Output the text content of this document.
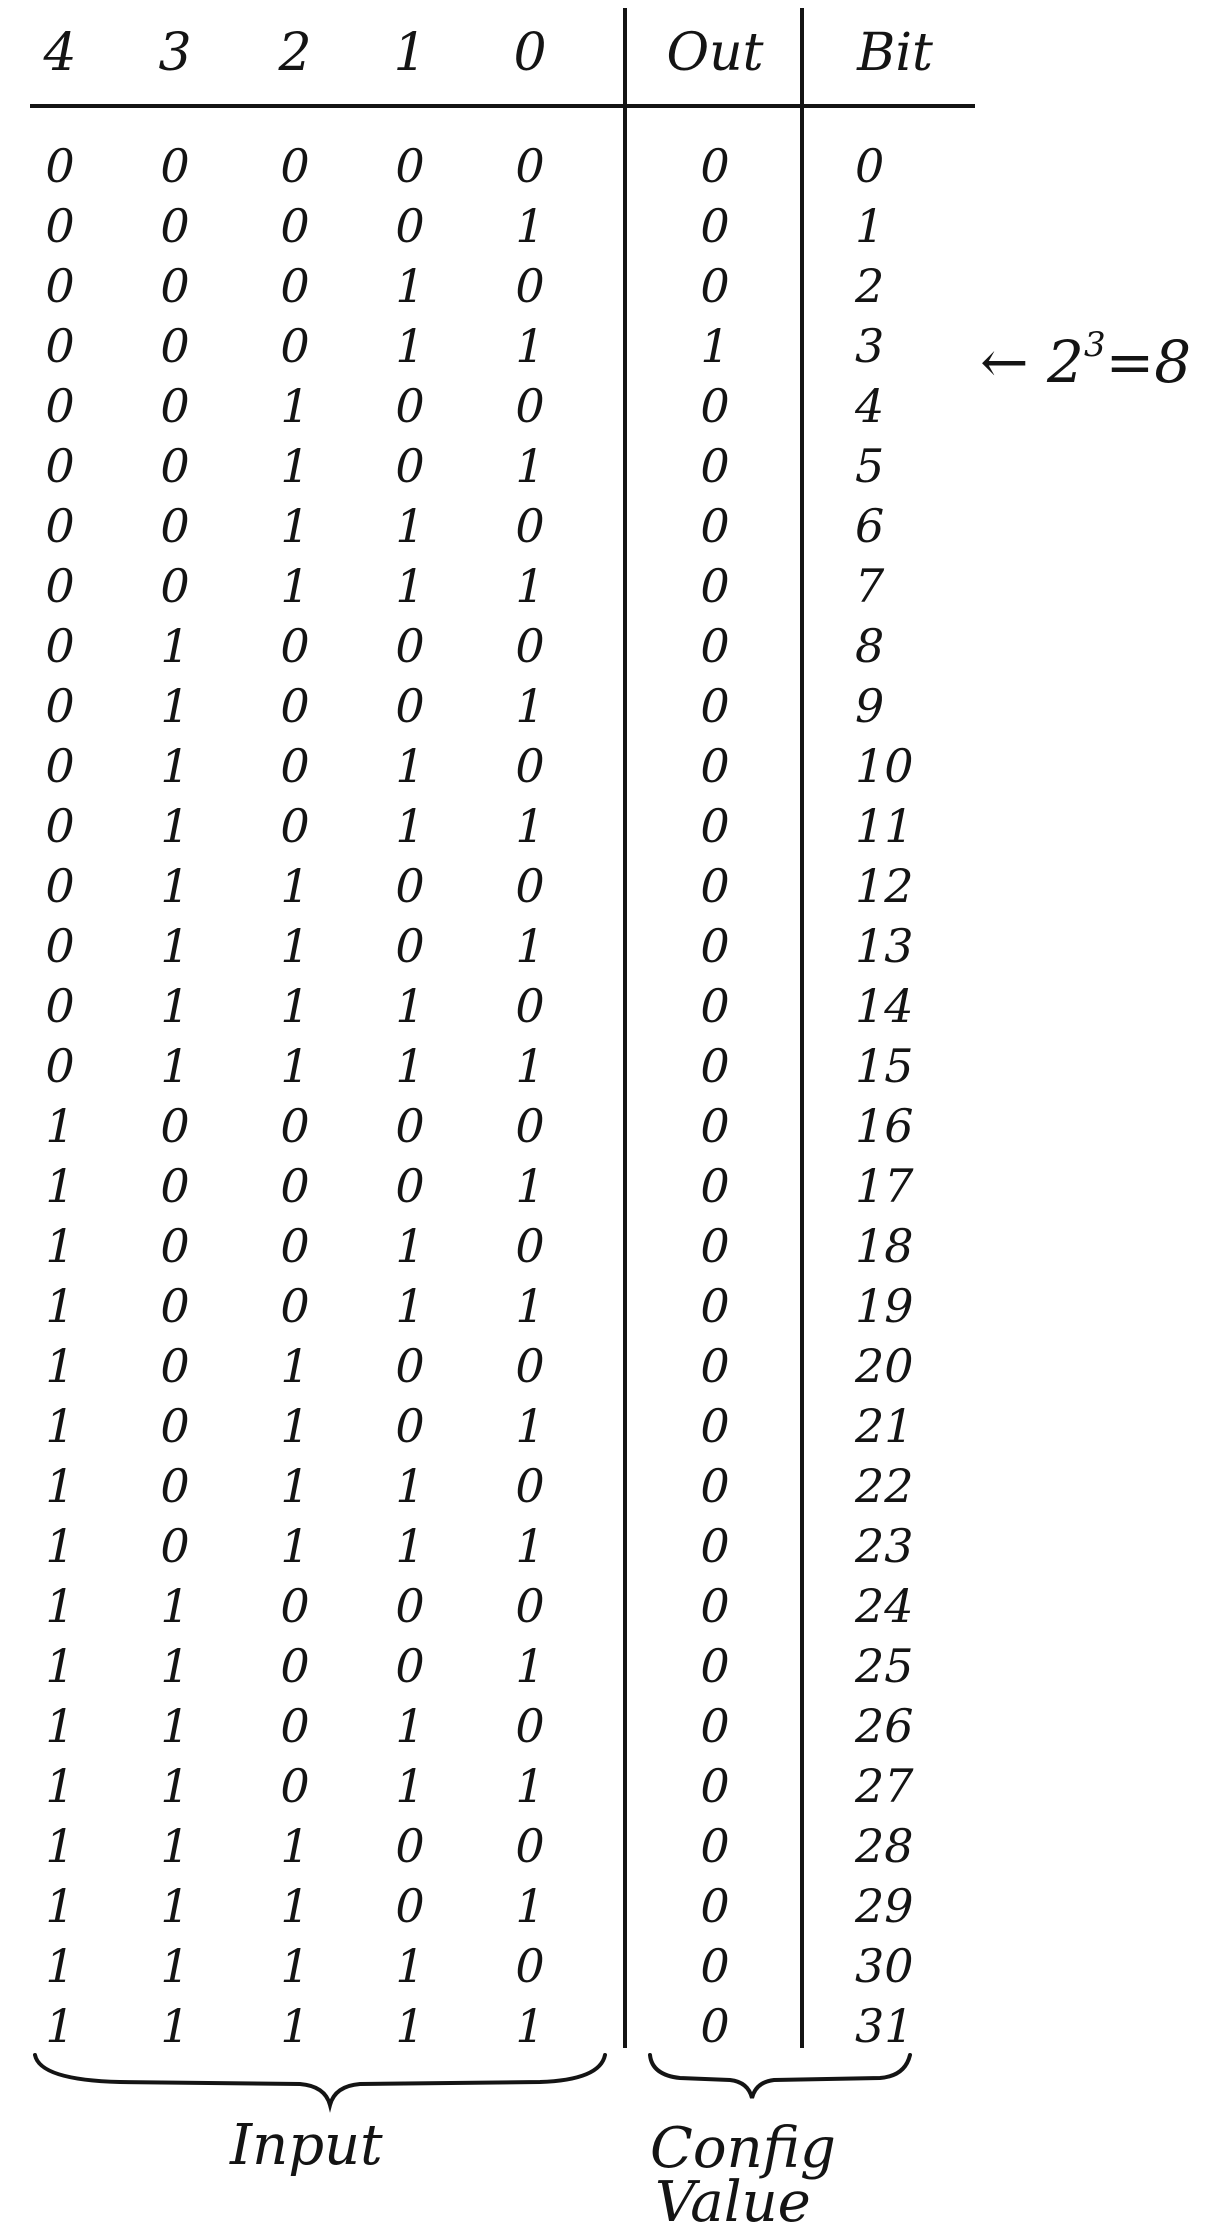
4	3	2	1	0	Out	Bit
0	0	0	0	0	0	0
0	0	0	0	1	0	1
0	0	0	1	0	0	2
0	0	0	1	1	1	3
0	0	1	0	0	0	4
0	0	1	0	1	0	5
0	0	1	1	0	0	6
0	0	1	1	1	0	7
0	1	0	0	0	0	8
0	1	0	0	1	0	9
0	1	0	1	0	0	10
0	1	0	1	1	0	11
0	1	1	0	0	0	12
0	1	1	0	1	0	13
0	1	1	1	0	0	14
0	1	1	1	1	0	15
1	0	0	0	0	0	16
1	0	0	0	1	0	17
1	0	0	1	0	0	18
1	0	0	1	1	0	19
1	0	1	0	0	0	20
1	0	1	0	1	0	21
1	0	1	1	0	0	22
1	0	1	1	1	0	23
1	1	0	0	0	0	24
1	1	0	0	1	0	25
1	1	0	1	0	0	26
1	1	0	1	1	0	27
1	1	1	0	0	0	28
1	1	1	0	1	0	29
1	1	1	1	0	0	30
1	1	1	1	1	0	31
← $2^3=8$
Input	Config
Value
